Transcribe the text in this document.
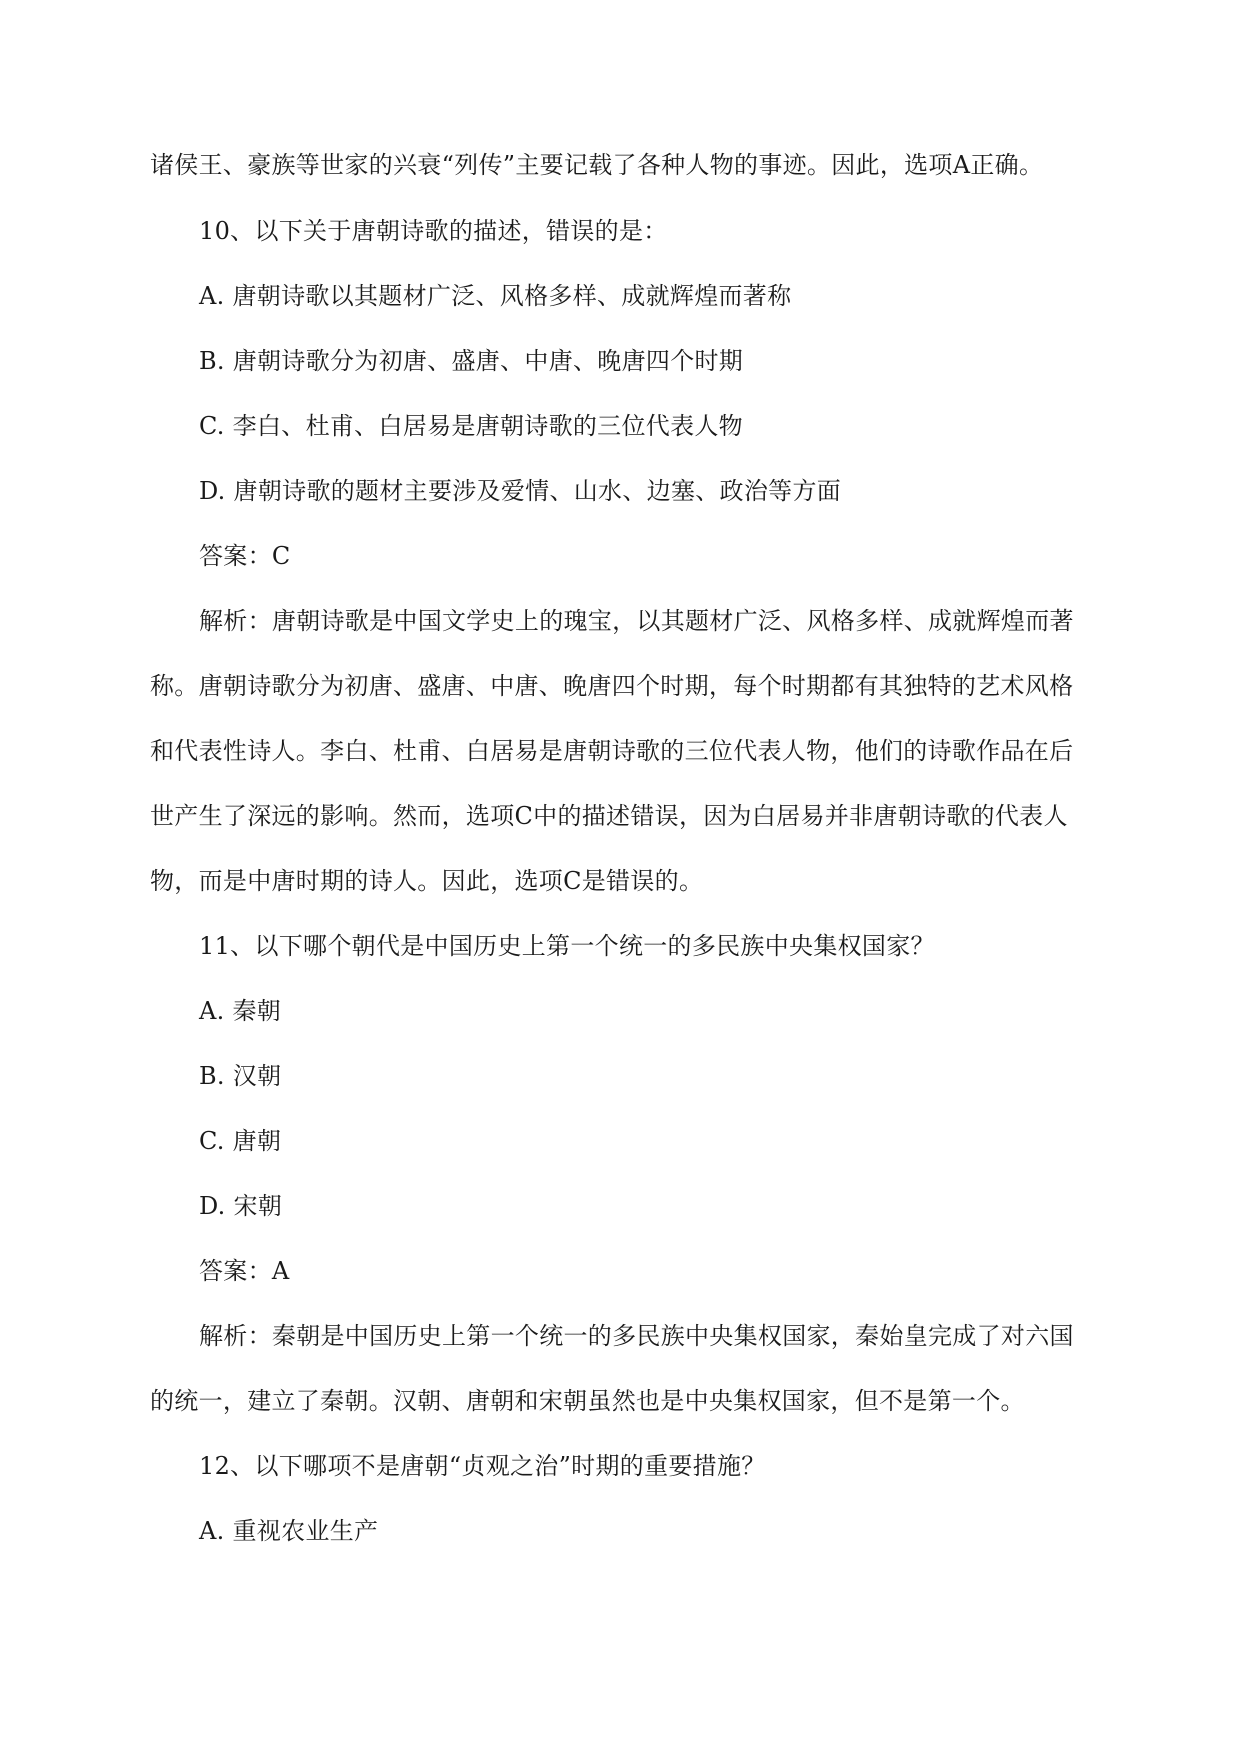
诸侯王、豪族等世家的兴衰“列传”主要记载了各种人物的事迹。因此，选项A正确。
10、以下关于唐朝诗歌的描述，错误的是：
A. 唐朝诗歌以其题材广泛、风格多样、成就辉煌而著称
B. 唐朝诗歌分为初唐、盛唐、中唐、晚唐四个时期
C. 李白、杜甫、白居易是唐朝诗歌的三位代表人物
D. 唐朝诗歌的题材主要涉及爱情、山水、边塞、政治等方面
答案：C
解析：唐朝诗歌是中国文学史上的瑰宝，以其题材广泛、风格多样、成就辉煌而著
称。唐朝诗歌分为初唐、盛唐、中唐、晚唐四个时期，每个时期都有其独特的艺术风格
和代表性诗人。李白、杜甫、白居易是唐朝诗歌的三位代表人物，他们的诗歌作品在后
世产生了深远的影响。然而，选项C中的描述错误，因为白居易并非唐朝诗歌的代表人
物，而是中唐时期的诗人。因此，选项C是错误的。
11、以下哪个朝代是中国历史上第一个统一的多民族中央集权国家？
A. 秦朝
B. 汉朝
C. 唐朝
D. 宋朝
答案：A
解析：秦朝是中国历史上第一个统一的多民族中央集权国家，秦始皇完成了对六国
的统一，建立了秦朝。汉朝、唐朝和宋朝虽然也是中央集权国家，但不是第一个。
12、以下哪项不是唐朝“贞观之治”时期的重要措施？
A. 重视农业生产
